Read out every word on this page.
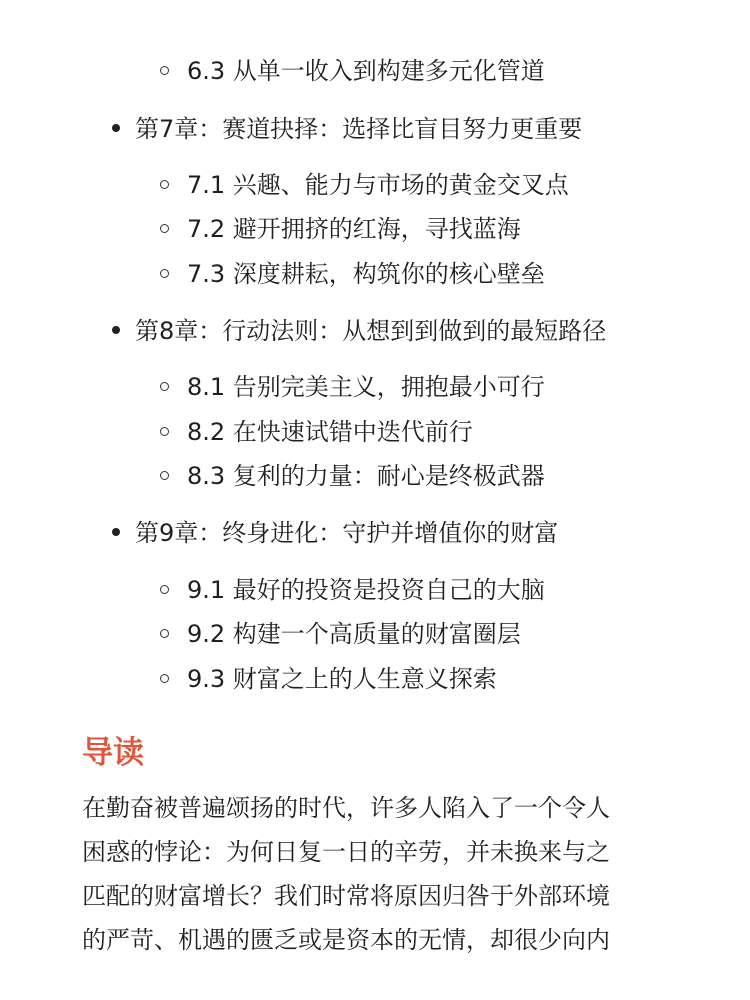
6.3 从单一收入到构建多元化管道
第7章：赛道抉择：选择比盲目努力更重要
7.1 兴趣、能力与市场的黄金交叉点
7.2 避开拥挤的红海，寻找蓝海
7.3 深度耕耘，构筑你的核心壁垒
第8章：行动法则：从想到到做到的最短路径
8.1 告别完美主义，拥抱最小可行
8.2 在快速试错中迭代前行
8.3 复利的力量：耐心是终极武器
第9章：终身进化：守护并增值你的财富
9.1 最好的投资是投资自己的大脑
9.2 构建一个高质量的财富圈层
9.3 财富之上的人生意义探索
导读
在勤奋被普遍颂扬的时代，许多人陷入了一个令人
困惑的悖论：为何日复一日的辛劳，并未换来与之
匹配的财富增长？我们时常将原因归咎于外部环境
的严苛、机遇的匮乏或是资本的无情，却很少向内
